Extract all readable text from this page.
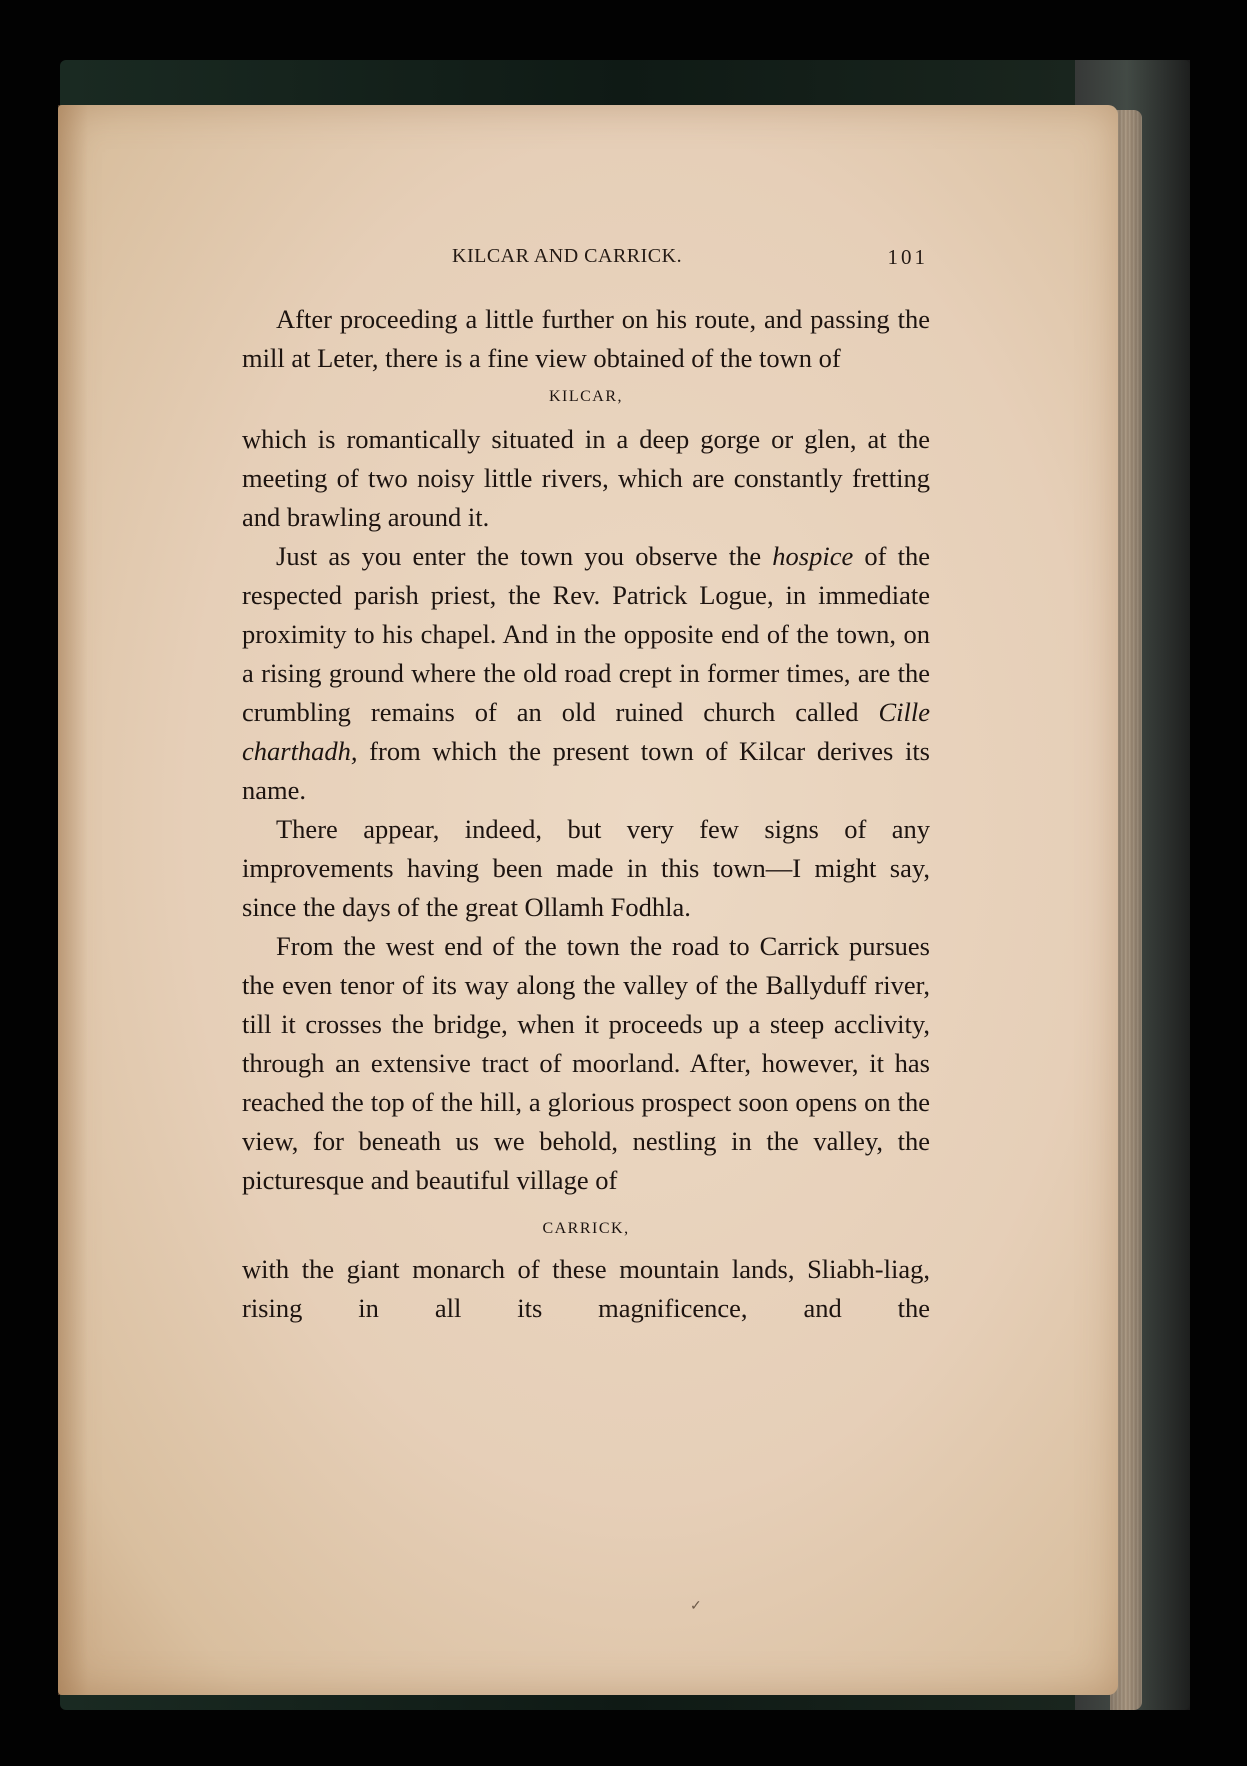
KILCAR AND CARRICK.	101

After proceeding a little further on his route, and passing the mill at Leter, there is a fine view obtained of the town of

KILCAR,

which is romantically situated in a deep gorge or glen, at the meeting of two noisy little rivers, which are constantly fretting and brawling around it.

Just as you enter the town you observe the hospice of the respected parish priest, the Rev. Patrick Logue, in immediate proximity to his chapel. And in the opposite end of the town, on a rising ground where the old road crept in former times, are the crumbling remains of an old ruined church called Cille charthadh, from which the present town of Kilcar derives its name.

There appear, indeed, but very few signs of any improvements having been made in this town—I might say, since the days of the great Ollamh Fodhla.

From the west end of the town the road to Carrick pursues the even tenor of its way along the valley of the Ballyduff river, till it crosses the bridge, when it proceeds up a steep acclivity, through an extensive tract of moorland. After, however, it has reached the top of the hill, a glorious prospect soon opens on the view, for beneath us we behold, nestling in the valley, the picturesque and beautiful village of

CARRICK,

with the giant monarch of these mountain lands, Sliabh-liag, rising in all its magnificence, and the

✓
